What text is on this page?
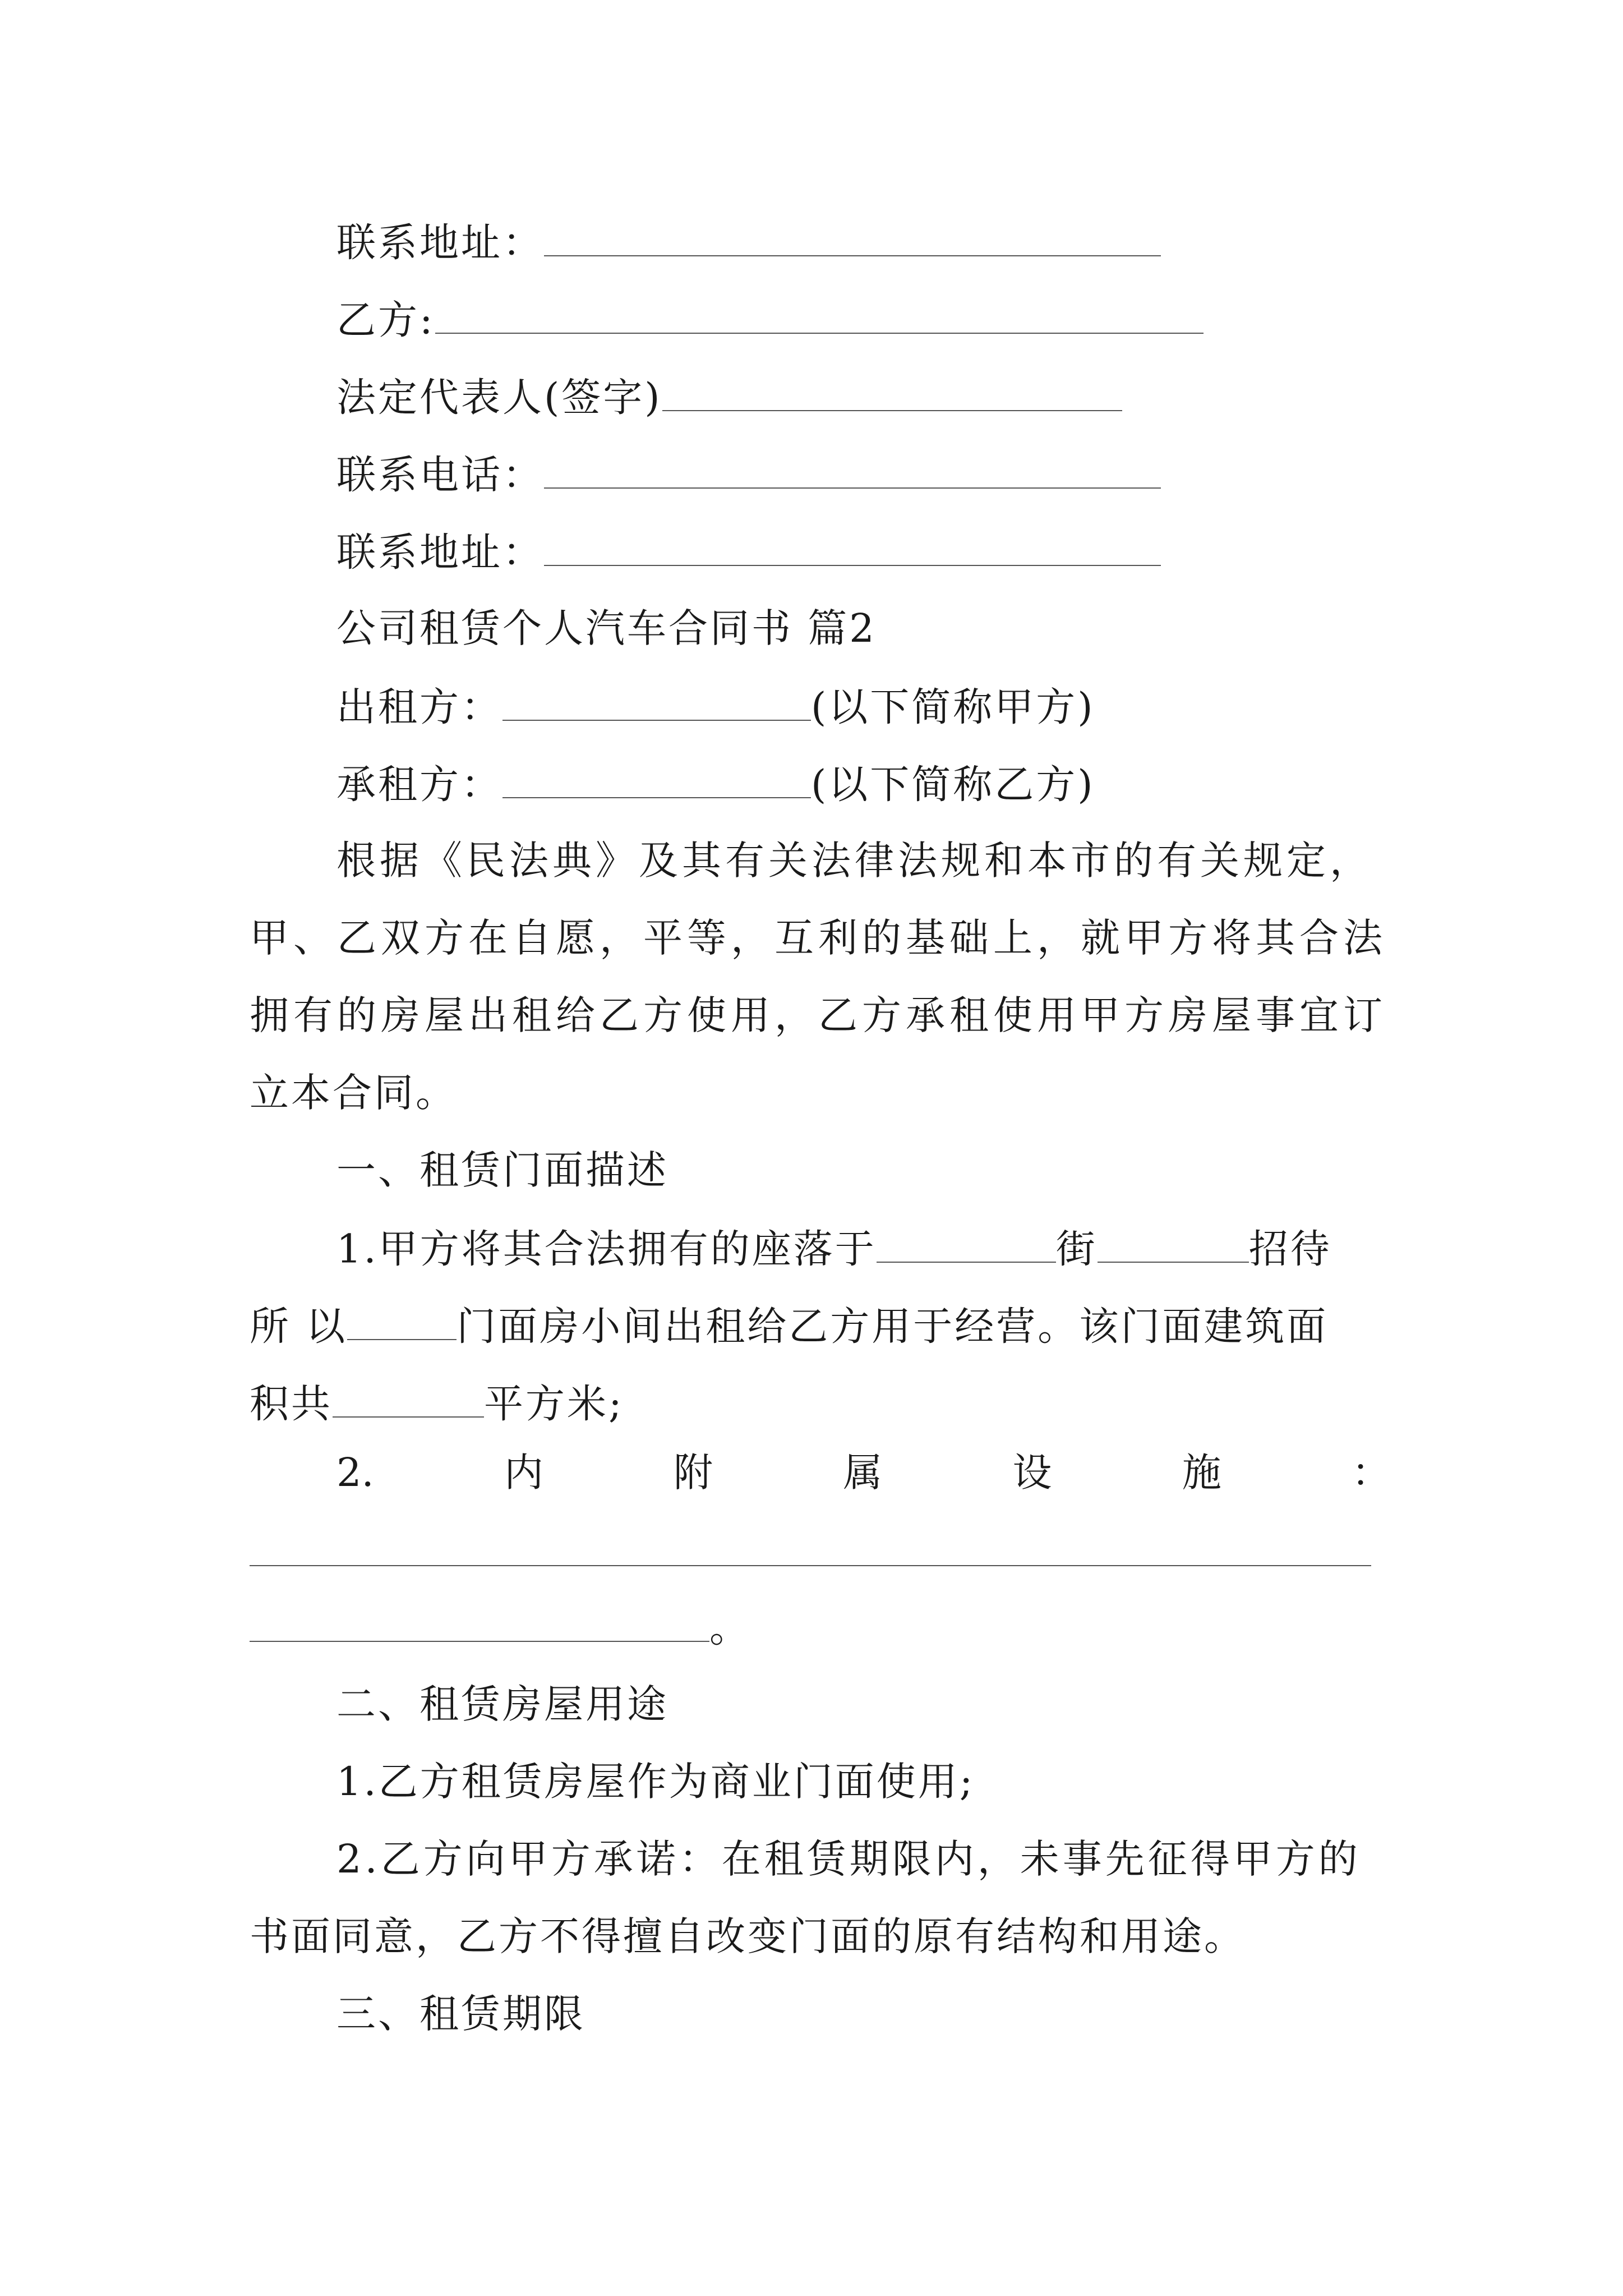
联系地址：
乙方:
法定代表人(签字)
联系电话：
联系地址：
公司租赁个人汽车合同书 篇2
出租方：	(以下简称甲方)
承租方：	(以下简称乙方)
根据《民法典》及其有关法律法规和本市的有关规定，
甲、乙双方在自愿，平等，互利的基础上，就甲方将其合法
拥有的房屋出租给乙方使用，乙方承租使用甲方房屋事宜订
立本合同。
一、租赁门面描述
1.甲方将其合法拥有的座落于	街	招待
所 以	门面房小间出租给乙方用于经营。该门面建筑面
积共	平方米;
2.	内	附	属	设	施	：
。
二、租赁房屋用途
1.乙方租赁房屋作为商业门面使用;
2.乙方向甲方承诺：在租赁期限内，未事先征得甲方的
书面同意，乙方不得擅自改变门面的原有结构和用途。
三、租赁期限
